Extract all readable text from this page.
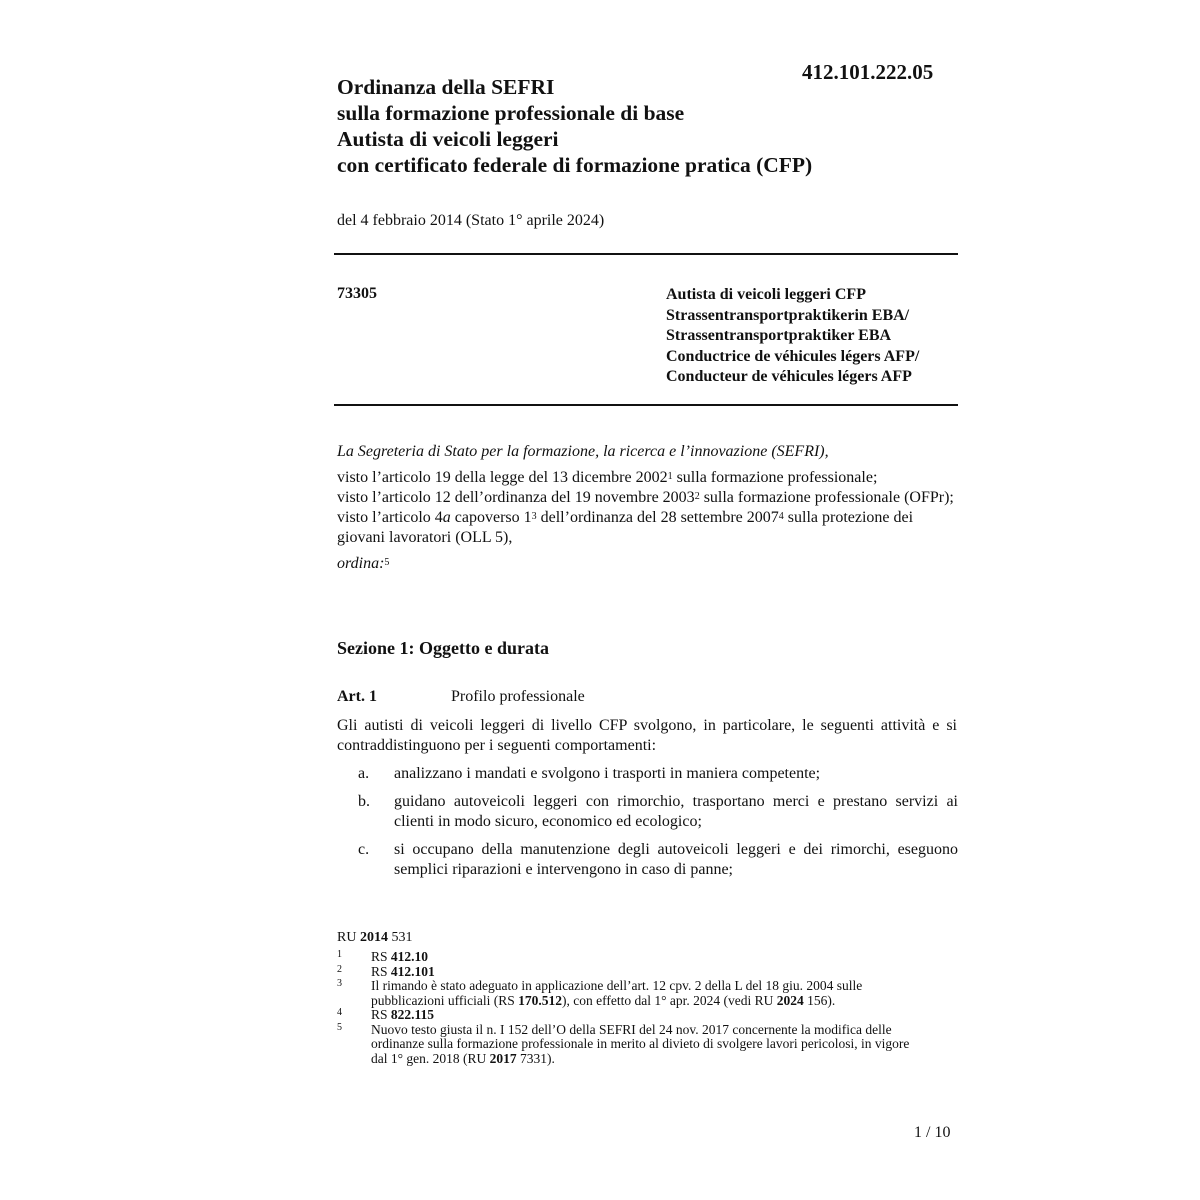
412.101.222.05
Ordinanza della SEFRI
sulla formazione professionale di base
Autista di veicoli leggeri
con certificato federale di formazione pratica (CFP)
del 4 febbraio 2014 (Stato 1° aprile 2024)
73305	Autista di veicoli leggeri CFP
Strassentransportpraktikerin EBA/
Strassentransportpraktiker EBA
Conductrice de véhicules légers AFP/
Conducteur de véhicules légers AFP

La Segreteria di Stato per la formazione, la ricerca e l’innovazione (SEFRI),

visto l’articolo 19 della legge del 13 dicembre 2002$^1$ sulla formazione professionale;

visto l’articolo 12 dell’ordinanza del 19 novembre 2003$^2$ sulla formazione professionale (OFPr);

visto l’articolo 4a capoverso $1^3$ dell’ordinanza del 28 settembre 2007$^4$ sulla protezione dei giovani lavoratori (OLL 5),

ordina:$^5$

Sezione 1: Oggetto e durata
Art. 1	Profilo professionale
Gli autisti di veicoli leggeri di livello CFP svolgono, in particolare, le seguenti attività e si contraddistinguono per i seguenti comportamenti:
a. analizzano i mandati e svolgono i trasporti in maniera competente;
b. guidano autoveicoli leggeri con rimorchio, trasportano merci e prestano servizi ai clienti in modo sicuro, economico ed ecologico;
c. si occupano della manutenzione degli autoveicoli leggeri e dei rimorchi, eseguono semplici riparazioni e intervengono in caso di panne;
RU 2014 531
1 RS 412.10
2 RS 412.101
3 Il rimando è stato adeguato in applicazione dell’art. 12 cpv. 2 della L del 18 giu. 2004 sulle pubblicazioni ufficiali (RS 170.512), con effetto dal 1° apr. 2024 (vedi RU 2024 156).
4 RS 822.115
5 Nuovo testo giusta il n. I 152 dell’O della SEFRI del 24 nov. 2017 concernente la modifica delle ordinanze sulla formazione professionale in merito al divieto di svolgere lavori pericolosi, in vigore dal 1° gen. 2018 (RU 2017 7331).
1 / 10
